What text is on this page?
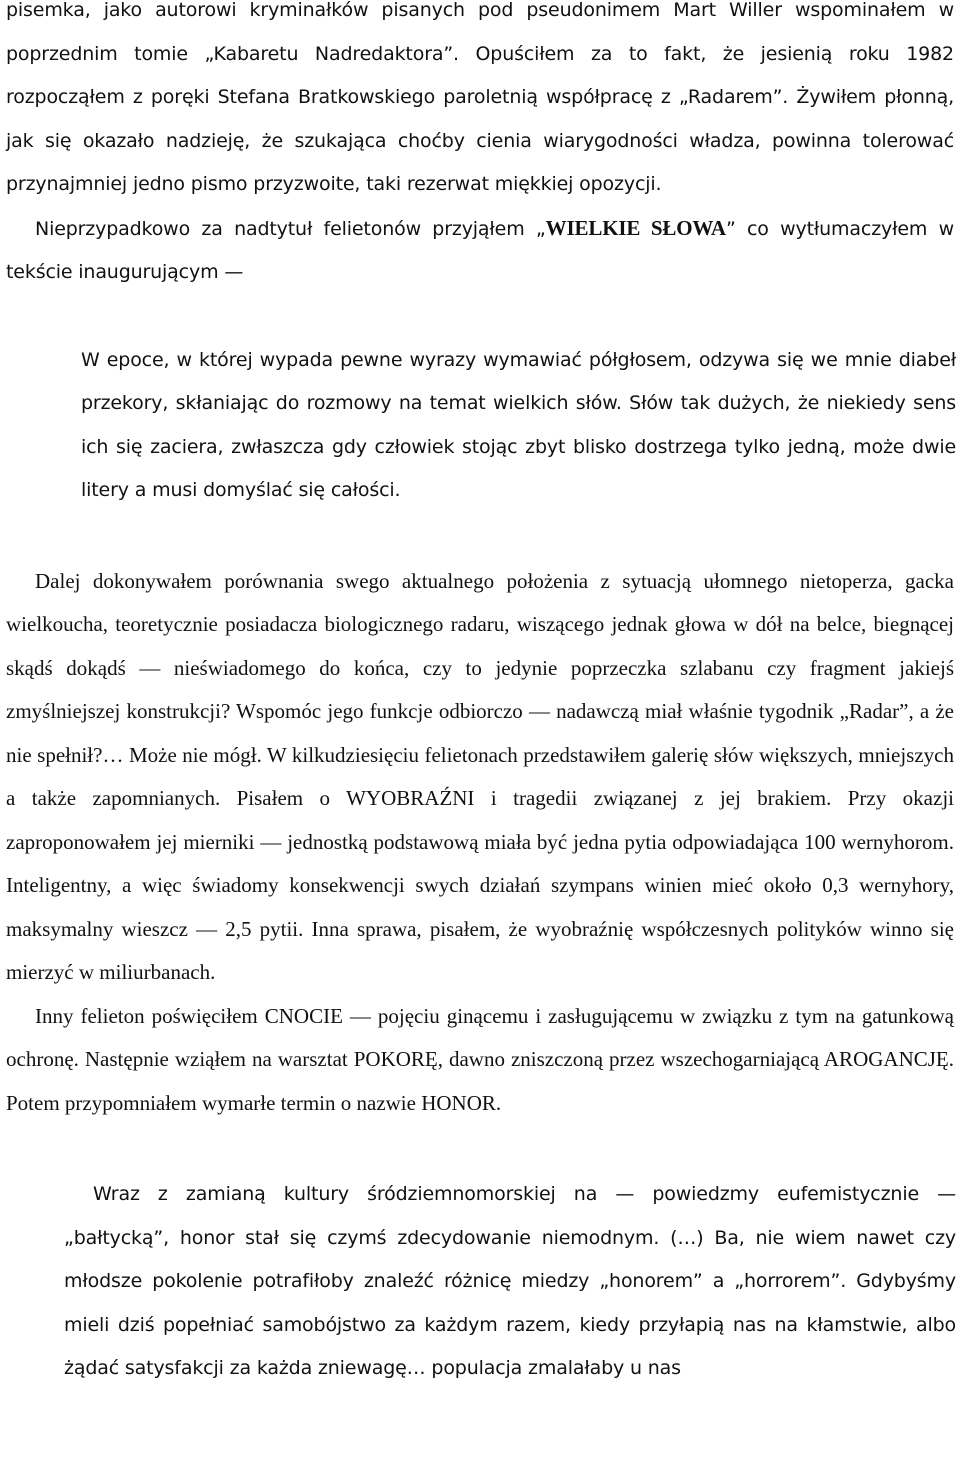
pisemka, jako autorowi kryminałków pisanych pod pseudonimem Mart Willer wspominałem w poprzednim tomie „Kabaretu Nadredaktora”. Opuściłem za to fakt, że jesienią roku 1982 rozpocząłem z poręki Stefana Bratkowskiego paroletnią współpracę z „Radarem”. Żywiłem płonną, jak się okazało nadzieję, że szukająca choćby cienia wiarygodności władza, powinna tolerować przynajmniej jedno pismo przyzwoite, taki rezerwat miękkiej opozycji.

Nieprzypadkowo za nadtytuł felietonów przyjąłem „WIELKIE SŁOWA” co wytłumaczyłem w tekście inaugurującym —

W epoce, w której wypada pewne wyrazy wymawiać półgłosem, odzywa się we mnie diabeł przekory, skłaniając do rozmowy na temat wielkich słów. Słów tak dużych, że niekiedy sens ich się zaciera, zwłaszcza gdy człowiek stojąc zbyt blisko dostrzega tylko jedną, może dwie litery a musi domyślać się całości.

Dalej dokonywałem porównania swego aktualnego położenia z sytuacją ułomnego nietoperza, gacka wielkoucha, teoretycznie posiadacza biologicznego radaru, wiszącego jednak głowa w dół na belce, biegnącej skądś dokądś — nieświadomego do końca, czy to jedynie poprzeczka szlabanu czy fragment jakiejś zmyślniejszej konstrukcji? Wspomóc jego funkcje odbiorczo — nadawczą miał właśnie tygodnik „Radar”, a że nie spełnił?… Może nie mógł. W kilkudziesięciu felietonach przedstawiłem galerię słów większych, mniejszych a także zapomnianych. Pisałem o WYOBRAŹNI i tragedii związanej z jej brakiem. Przy okazji zaproponowałem jej mierniki — jednostką podstawową miała być jedna pytia odpowiadająca 100 wernyhorom. Inteligentny, a więc świadomy konsekwencji swych działań szympans winien mieć około 0,3 wernyhory, maksymalny wieszcz — 2,5 pytii. Inna sprawa, pisałem, że wyobraźnię współczesnych polityków winno się mierzyć w miliurbanach.

Inny felieton poświęciłem CNOCIE — pojęciu ginącemu i zasługującemu w związku z tym na gatunkową ochronę. Następnie wziąłem na warsztat POKORĘ, dawno zniszczoną przez wszechogarniającą AROGANCJĘ. Potem przypomniałem wymarłe termin o nazwie HONOR.

Wraz z zamianą kultury śródziemnomorskiej na — powiedzmy eufemistycznie — „bałtycką”, honor stał się czymś zdecydowanie niemodnym. (…) Ba, nie wiem nawet czy młodsze pokolenie potrafiłoby znaleźć różnicę miedzy „honorem” a „horrorem”. Gdybyśmy mieli dziś popełniać samobójstwo za każdym razem, kiedy przyłapią nas na kłamstwie, albo żądać satysfakcji za każda zniewagę… populacja zmalałaby u nas
